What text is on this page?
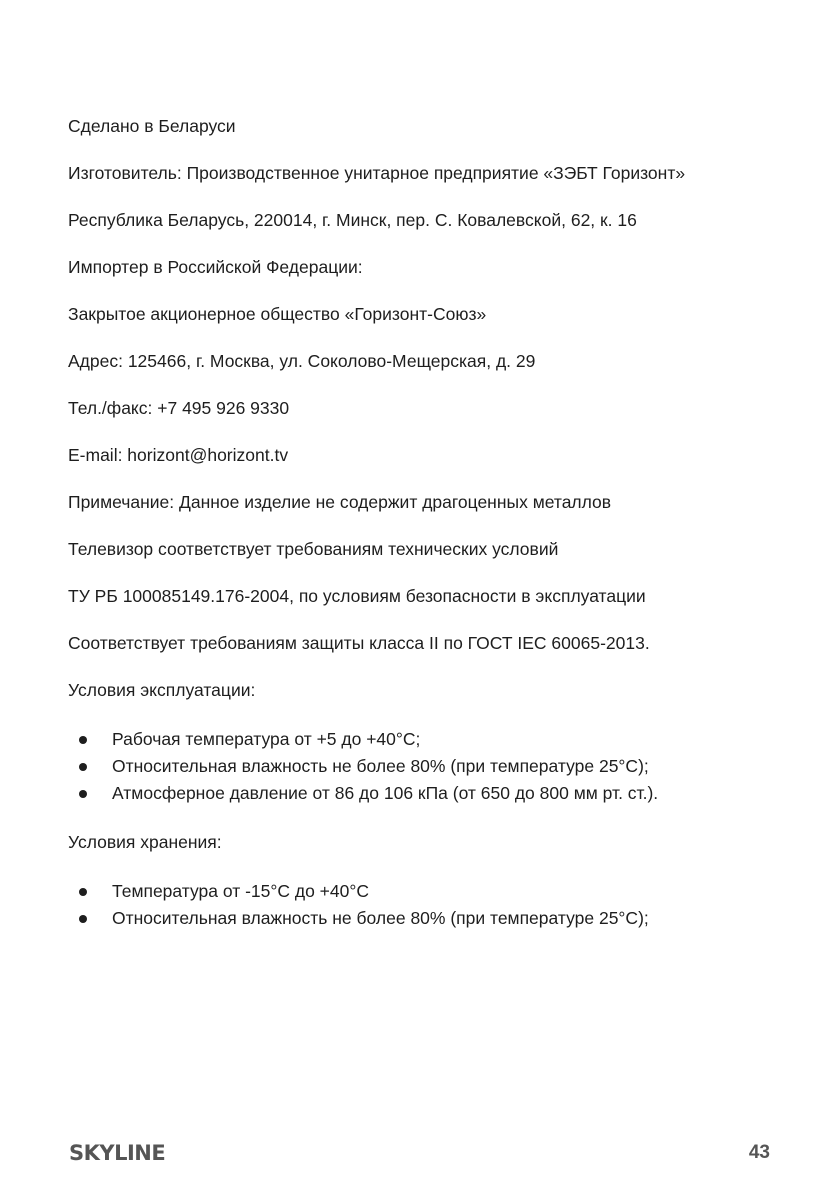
Сделано в Беларуси

Изготовитель: Производственное унитарное предприятие «ЗЭБТ Горизонт»

Республика Беларусь, 220014, г. Минск, пер. С. Ковалевской, 62, к. 16

Импортер в Российской Федерации:

Закрытое акционерное общество «Горизонт-Союз»

Адрес: 125466, г. Москва, ул. Соколово-Мещерская, д. 29

Тел./факс: +7 495 926 9330

E-mail: horizont@horizont.tv

Примечание: Данное изделие не содержит драгоценных металлов

Телевизор соответствует требованиям технических условий

ТУ РБ 100085149.176-2004, по условиям безопасности в эксплуатации

Соответствует требованиям защиты класса II по ГОСТ IEC 60065-2013.

Условия эксплуатации:

Рабочая температура от +5 до +40°С;
Относительная влажность не более 80% (при температуре 25°С);
Атмосферное давление от 86 до 106 кПа (от 650 до 800 мм рт. ст.).

Условия хранения:

Температура от -15°С до +40°С
Относительная влажность не более 80% (при температуре 25°С);
SKYLINE	43
